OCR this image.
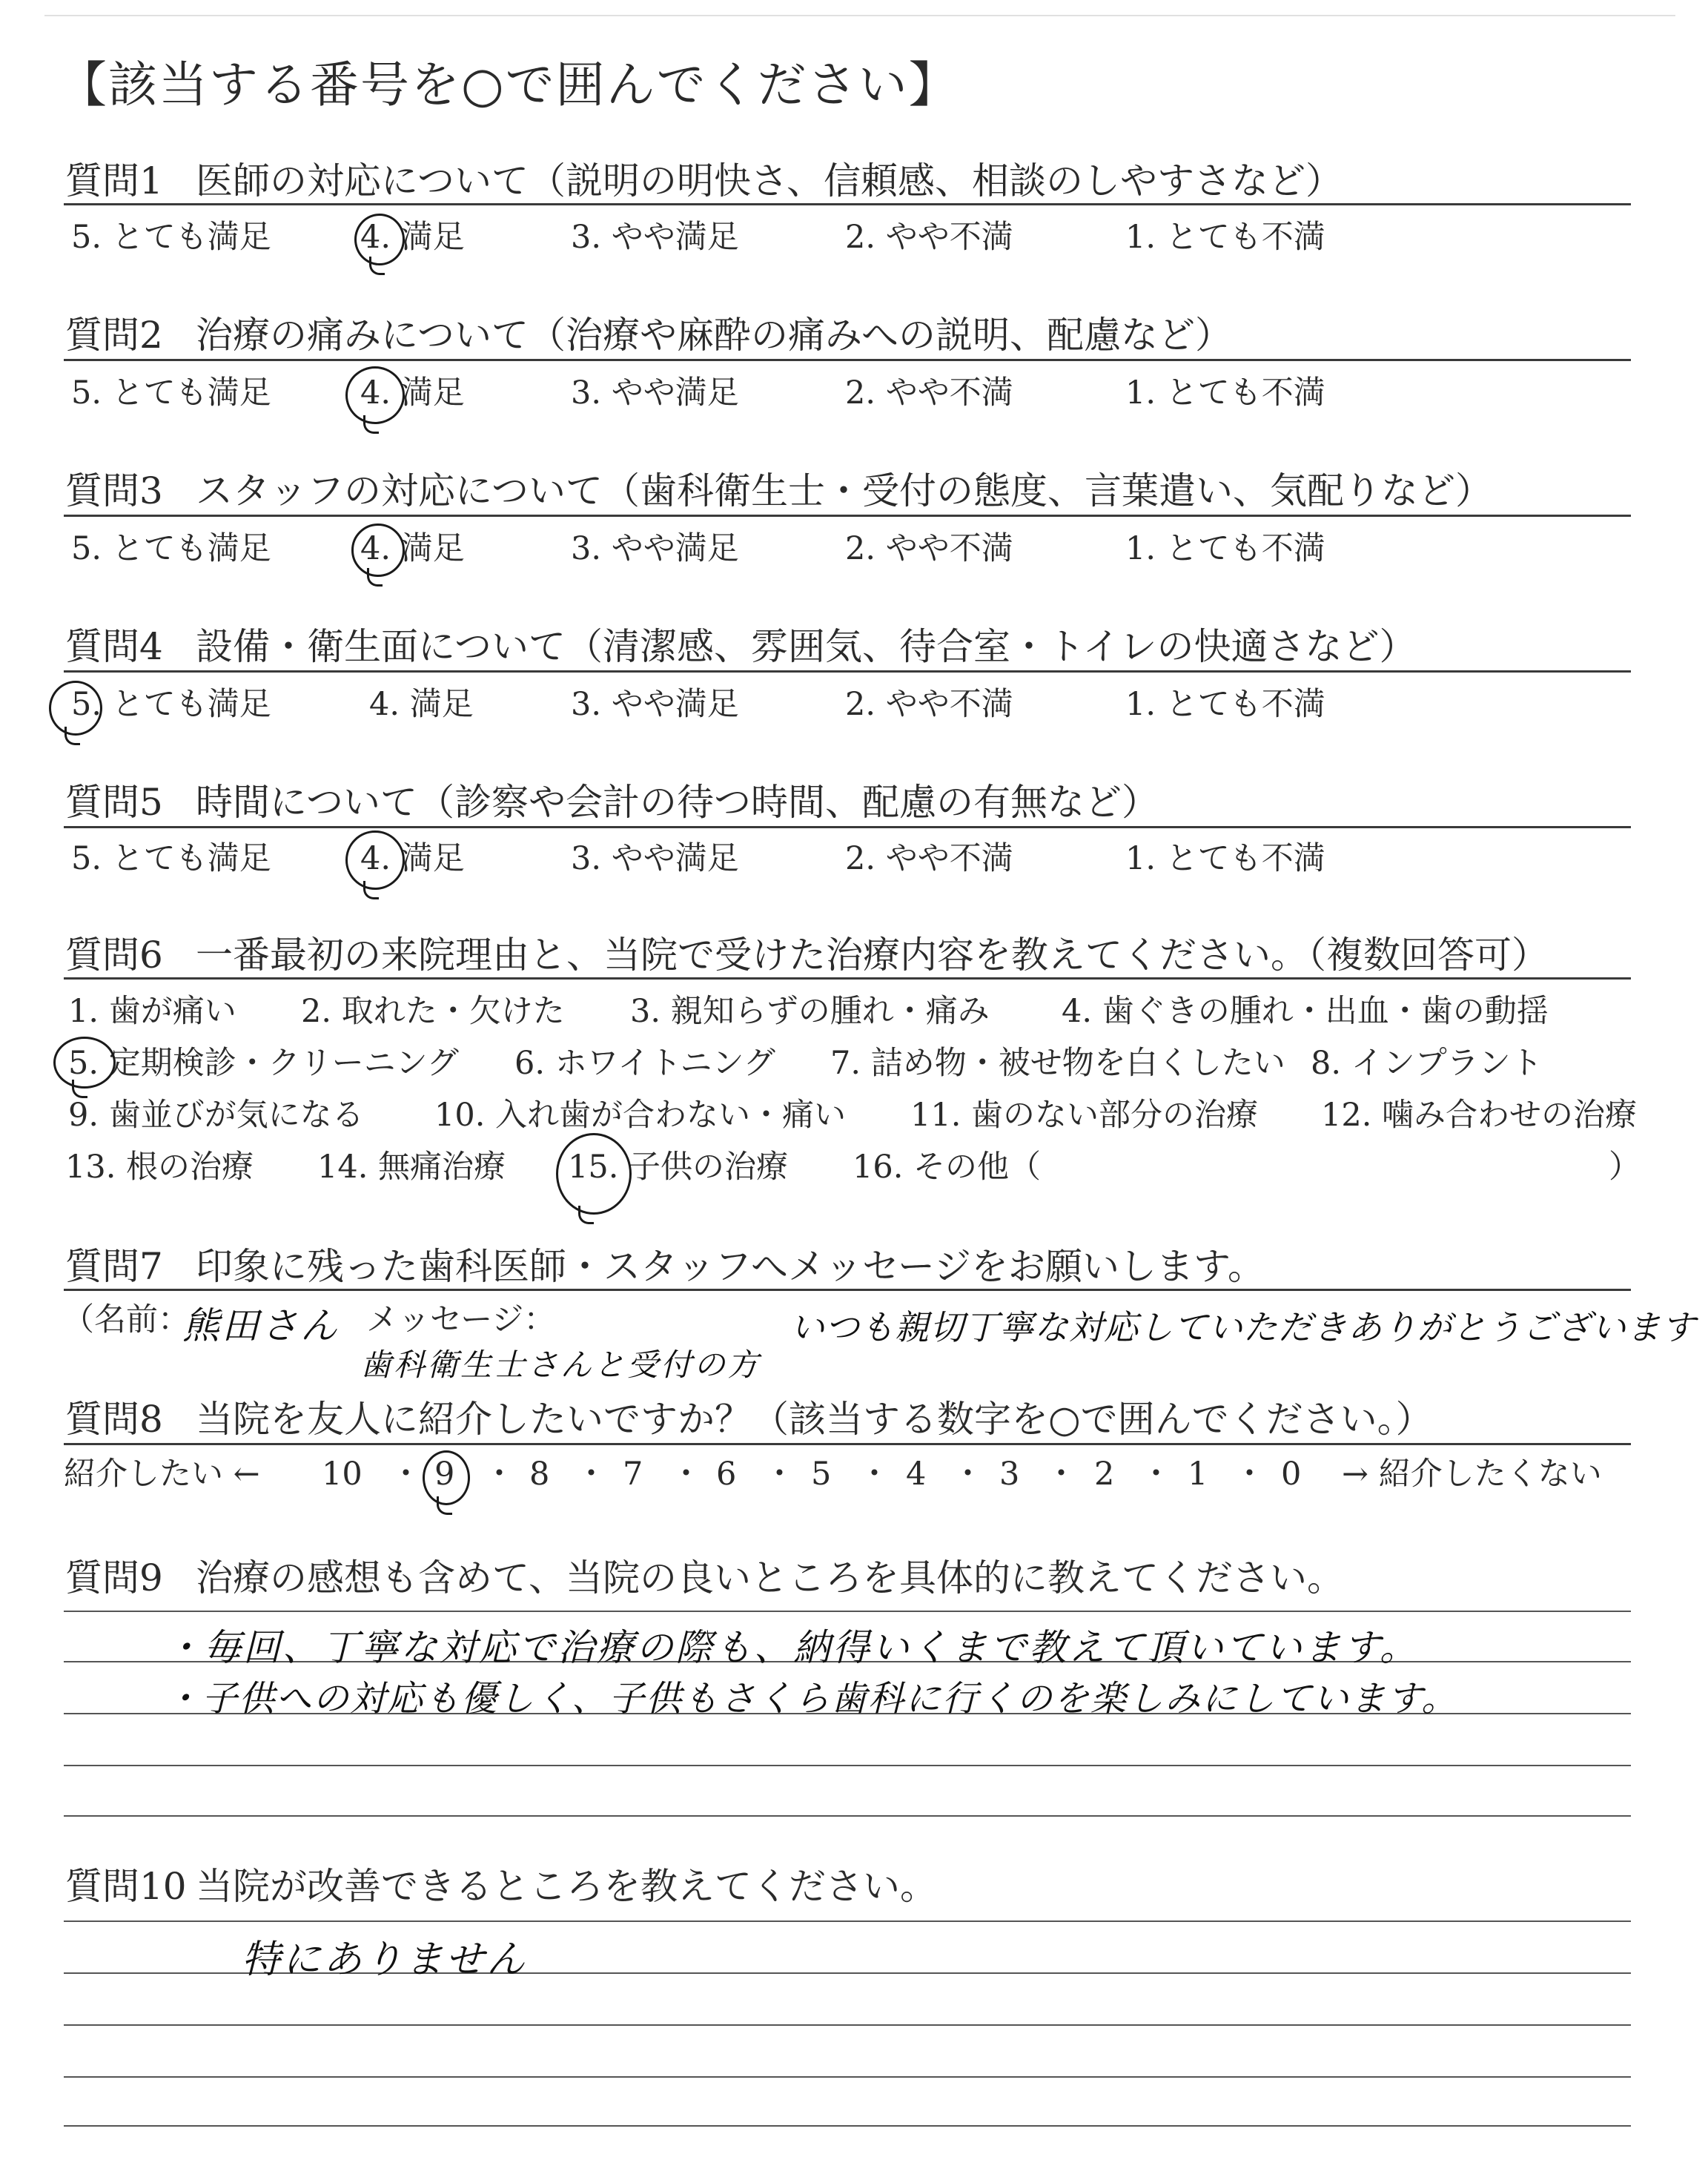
【該当する番号を○で囲んでください】
質問1 医師の対応について（説明の明快さ、信頼感、相談のしやすさなど）
5. とても満足	4. 満足	3. やや満足	2. やや不満	1. とても不満
質問2 治療の痛みについて（治療や麻酔の痛みへの説明、配慮など）
5. とても満足	4. 満足	3. やや満足	2. やや不満	1. とても不満
質問3 スタッフの対応について（歯科衛生士・受付の態度、言葉遣い、気配りなど）
5. とても満足	4. 満足	3. やや満足	2. やや不満	1. とても不満
質問4 設備・衛生面について（清潔感、雰囲気、待合室・トイレの快適さなど）
5. とても満足	4. 満足	3. やや満足	2. やや不満	1. とても不満
質問5 時間について（診察や会計の待つ時間、配慮の有無など）
5. とても満足	4. 満足	3. やや満足	2. やや不満	1. とても不満
質問6 一番最初の来院理由と、当院で受けた治療内容を教えてください。（複数回答可）
1. 歯が痛い 2. 取れた・欠けた 3. 親知らずの腫れ・痛み 4. 歯ぐきの腫れ・出血・歯の動揺
5. 定期検診・クリーニング 6. ホワイトニング 7. 詰め物・被せ物を白くしたい 8. インプラント
9. 歯並びが気になる 10. 入れ歯が合わない・痛い 11. 歯のない部分の治療 12. 噛み合わせの治療
13. 根の治療 14. 無痛治療 15. 子供の治療 16. その他（	）
質問7 印象に残った歯科医師・スタッフへメッセージをお願いします。
（名前：	メッセージ：
熊田さん
歯科衛生士さんと受付の方
いつも親切丁寧な対応していただきありがとうございます
質問8 当院を友人に紹介したいですか？（該当する数字を○で囲んでください。）
紹介したい ← 10 ・ 9 ・ 8 ・ 7 ・ 6 ・ 5 ・ 4 ・ 3 ・ 2 ・ 1 ・ 0 → 紹介したくない
質問9 治療の感想も含めて、当院の良いところを具体的に教えてください。
・毎回、丁寧な対応で治療の際も、納得いくまで教えて頂いています。
・子供への対応も優しく、子供もさくら歯科に行くのを楽しみにしています。
質問10 当院が改善できるところを教えてください。
特にありません
